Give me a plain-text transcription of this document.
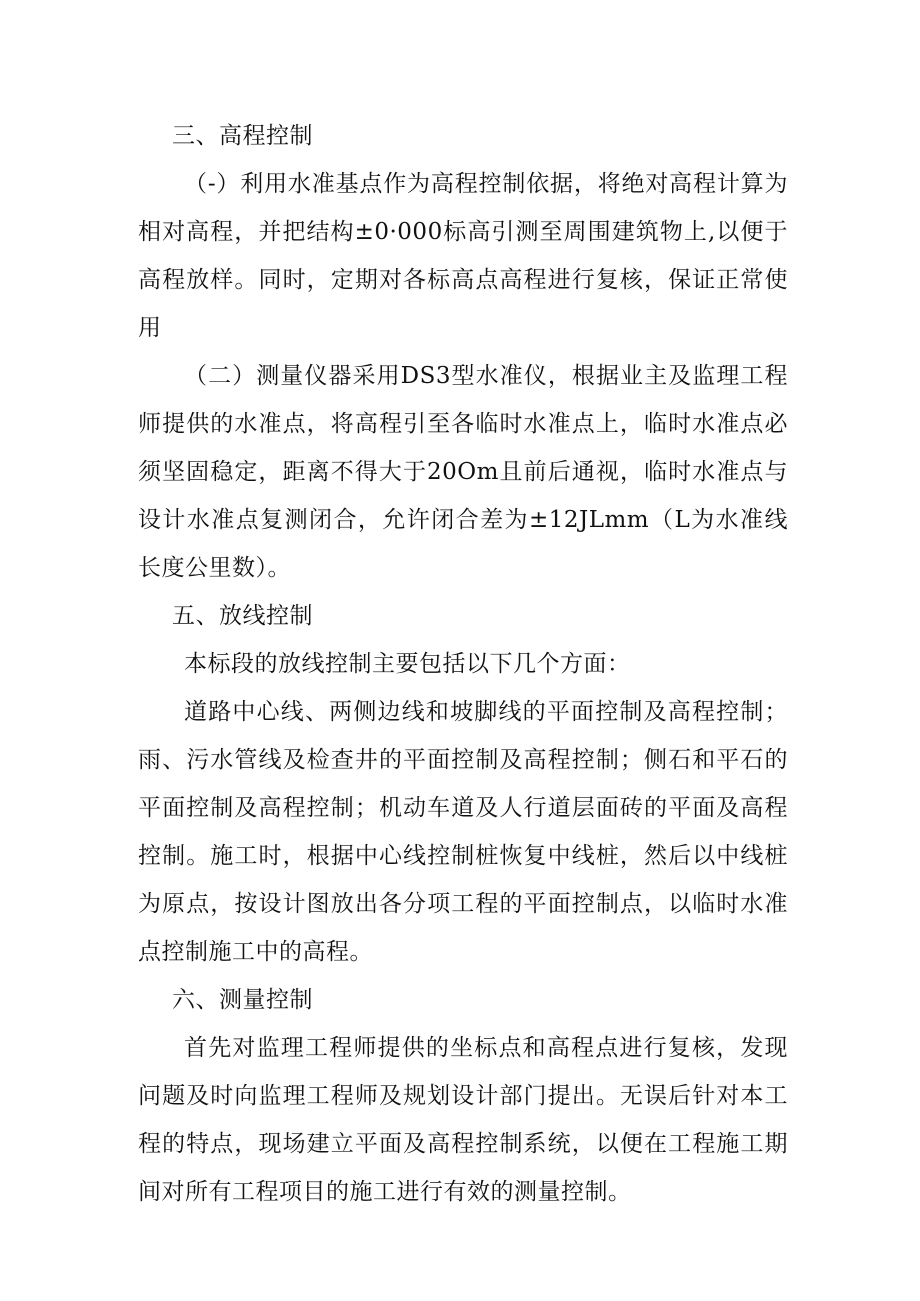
三、高程控制

（-）利用水准基点作为高程控制依据，将绝对高程计算为相对高程，并把结构±0·000标高引测至周围建筑物上,以便于高程放样。同时，定期对各标高点高程进行复核，保证正常使用

（二）测量仪器采用DS3型水准仪，根据业主及监理工程师提供的水准点，将高程引至各临时水准点上，临时水准点必须坚固稳定，距离不得大于20Om且前后通视，临时水准点与设计水准点复测闭合，允许闭合差为±12JLmm（L为水准线长度公里数）。

五、放线控制

本标段的放线控制主要包括以下几个方面：

道路中心线、两侧边线和坡脚线的平面控制及高程控制；雨、污水管线及检查井的平面控制及高程控制；侧石和平石的平面控制及高程控制；机动车道及人行道层面砖的平面及高程控制。施工时，根据中心线控制桩恢复中线桩，然后以中线桩为原点，按设计图放出各分项工程的平面控制点，以临时水准点控制施工中的高程。

六、测量控制

首先对监理工程师提供的坐标点和高程点进行复核，发现问题及时向监理工程师及规划设计部门提出。无误后针对本工程的特点，现场建立平面及高程控制系统，以便在工程施工期间对所有工程项目的施工进行有效的测量控制。
